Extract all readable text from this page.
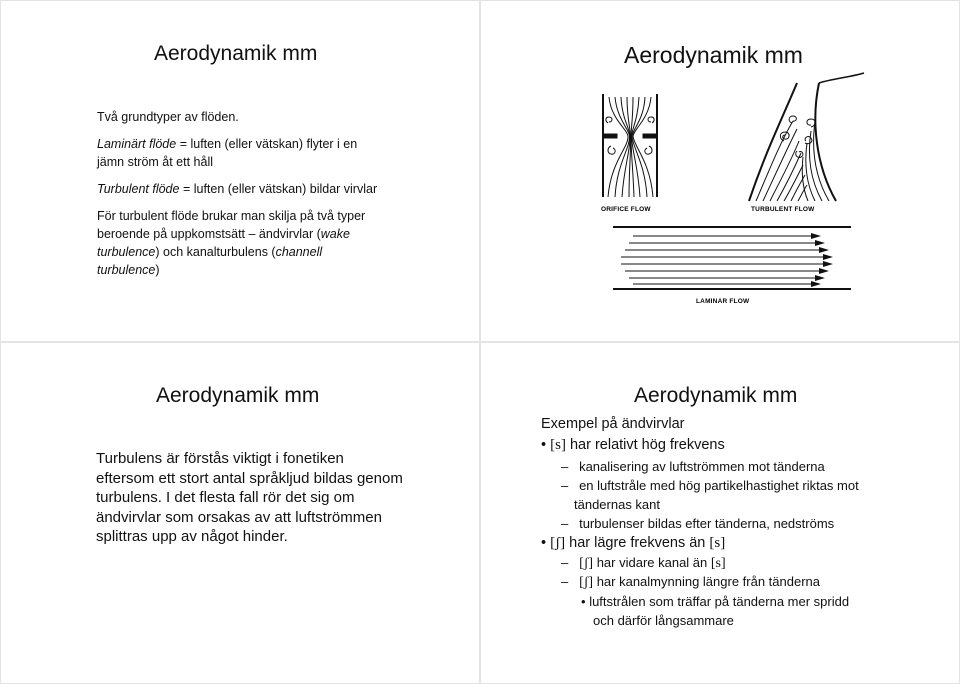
Aerodynamik mm

Två grundtyper av flöden.

Laminärt flöde = luften (eller vätskan) flyter i en

jämn ström åt ett håll

Turbulent flöde = luften (eller vätskan) bildar virvlar

För turbulent flöde brukar man skilja på två typer

beroende på uppkomstsätt – ändvirvlar (wake

turbulence) och kanalturbulens (channell

turbulence)

Aerodynamik mm
ORIFICE FLOW	TURBULENT FLOW
LAMINAR FLOW
Aerodynamik mm
Turbulens är förstås viktigt i fonetiken eftersom ett stort antal språkljud bildas genom turbulens. I det flesta fall rör det sig om ändvirvlar som orsakas av att luftströmmen splittras upp av något hinder.
Aerodynamik mm
Exempel på ändvirvlar
• [s] har relativt hög frekvens
– kanalisering av luftströmmen mot tänderna
– en luftstråle med hög partikelhastighet riktas mot
tändernas kant
– turbulenser bildas efter tänderna, nedströms
• [ʃ] har lägre frekvens än [s]
– [ʃ] har vidare kanal än [s]
– [ʃ] har kanalmynning längre från tänderna
• luftstrålen som träffar på tänderna mer spridd
och därför långsammare
